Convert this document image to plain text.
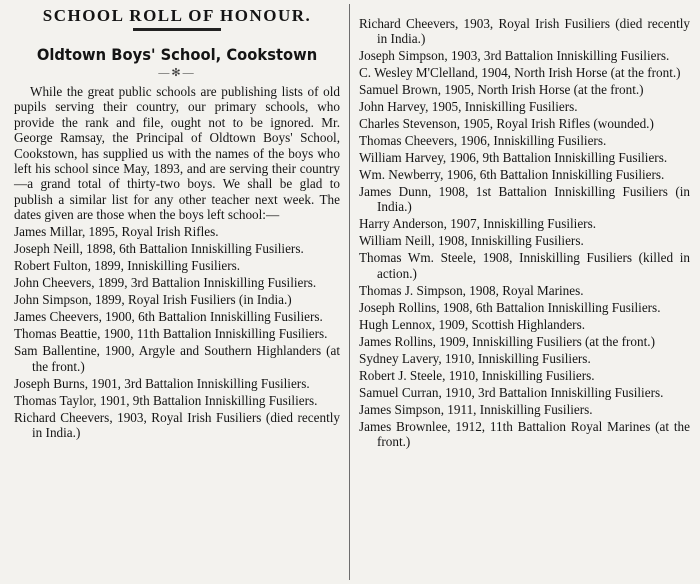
SCHOOL ROLL OF HONOUR.
Oldtown Boys' School, Cookstown
—✻—

While the great public schools are publishing lists of old pupils serving their country, our primary schools, who provide the rank and file, ought not to be ignored. Mr. George Ramsay, the Principal of Oldtown Boys' School, Cookstown, has supplied us with the names of the boys who left his school since May, 1893, and are serving their country—a grand total of thirty-two boys. We shall be glad to publish a similar list for any other teacher next week. The dates given are those when the boys left school:—

James Millar, 1895, Royal Irish Rifles.

Joseph Neill, 1898, 6th Battalion Inniskilling Fusiliers.

Robert Fulton, 1899, Inniskilling Fusiliers.

John Cheevers, 1899, 3rd Battalion Inniskilling Fusiliers.

John Simpson, 1899, Royal Irish Fusiliers (in India.)

James Cheevers, 1900, 6th Battalion Inniskilling Fusiliers.

Thomas Beattie, 1900, 11th Battalion Inniskilling Fusiliers.

Sam Ballentine, 1900, Argyle and Southern Highlanders (at the front.)

Joseph Burns, 1901, 3rd Battalion Inniskilling Fusiliers.

Thomas Taylor, 1901, 9th Battalion Inniskilling Fusiliers.

Richard Cheevers, 1903, Royal Irish Fusiliers (died recently in India.)

Richard Cheevers, 1903, Royal Irish Fusiliers (died recently in India.)

Joseph Simpson, 1903, 3rd Battalion Inniskilling Fusiliers.

C. Wesley M'Clelland, 1904, North Irish Horse (at the front.)

Samuel Brown, 1905, North Irish Horse (at the front.)

John Harvey, 1905, Inniskilling Fusiliers.

Charles Stevenson, 1905, Royal Irish Rifles (wounded.)

Thomas Cheevers, 1906, Inniskilling Fusiliers.

William Harvey, 1906, 9th Battalion Inniskilling Fusiliers.

Wm. Newberry, 1906, 6th Battalion Inniskilling Fusiliers.

James Dunn, 1908, 1st Battalion Inniskilling Fusiliers (in India.)

Harry Anderson, 1907, Inniskilling Fusiliers.

William Neill, 1908, Inniskilling Fusiliers.

Thomas Wm. Steele, 1908, Inniskilling Fusiliers (killed in action.)

Thomas J. Simpson, 1908, Royal Marines.

Joseph Rollins, 1908, 6th Battalion Inniskilling Fusiliers.

Hugh Lennox, 1909, Scottish Highlanders.

James Rollins, 1909, Inniskilling Fusiliers (at the front.)

Sydney Lavery, 1910, Inniskilling Fusiliers.

Robert J. Steele, 1910, Inniskilling Fusiliers.

Samuel Curran, 1910, 3rd Battalion Inniskilling Fusiliers.

James Simpson, 1911, Inniskilling Fusiliers.

James Brownlee, 1912, 11th Battalion Royal Marines (at the front.)
